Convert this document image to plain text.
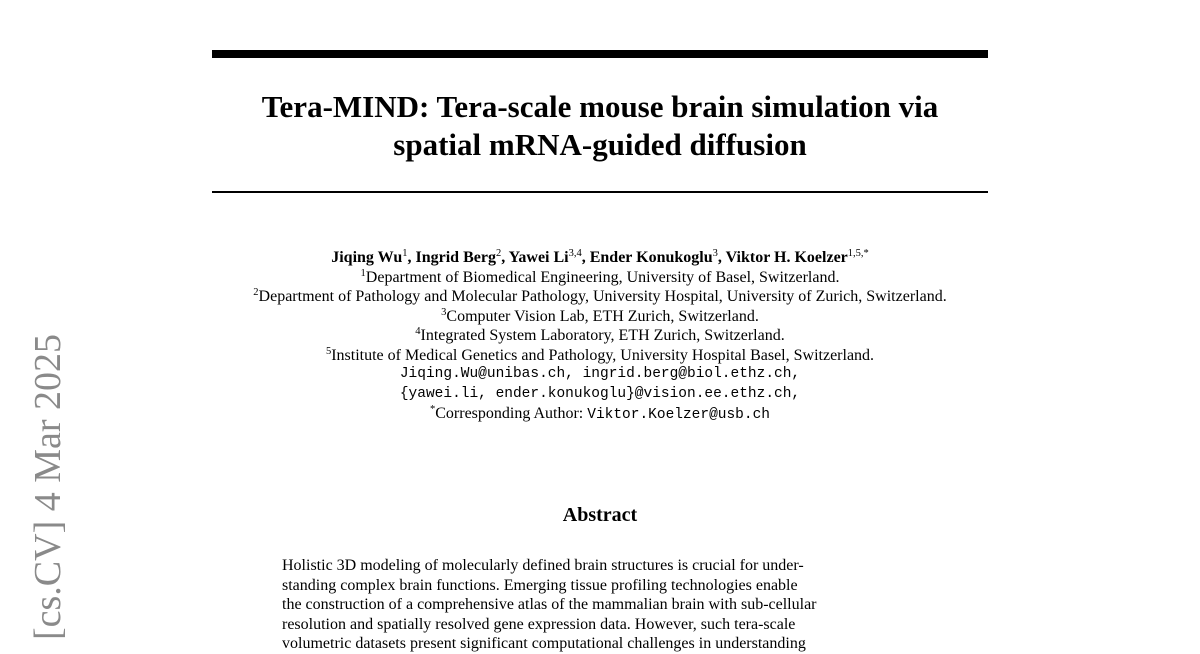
Tera-MIND: Tera-scale mouse brain simulation via
spatial mRNA-guided diffusion
Jiqing Wu$^1$, Ingrid Berg$^2$, Yawei Li$^{3,4}$, Ender Konukoglu$^3$, Viktor H. Koelzer$^{1,5,*}$
$^1$Department of Biomedical Engineering, University of Basel, Switzerland.
$^2$Department of Pathology and Molecular Pathology, University Hospital, University of Zurich, Switzerland.
$^3$Computer Vision Lab, ETH Zurich, Switzerland.
$^4$Integrated System Laboratory, ETH Zurich, Switzerland.
$^5$Institute of Medical Genetics and Pathology, University Hospital Basel, Switzerland.
Jiqing.Wu@unibas.ch, ingrid.berg@biol.ethz.ch,
{yawei.li, ender.konukoglu}@vision.ee.ethz.ch,
*Corresponding Author: Viktor.Koelzer@usb.ch
Abstract
Holistic 3D modeling of molecularly defined brain structures is crucial for under-
standing complex brain functions. Emerging tissue profiling technologies enable
the construction of a comprehensive atlas of the mammalian brain with sub-cellular
resolution and spatially resolved gene expression data. However, such tera-scale
volumetric datasets present significant computational challenges in understanding
[cs.CV] 4 Mar 2025
